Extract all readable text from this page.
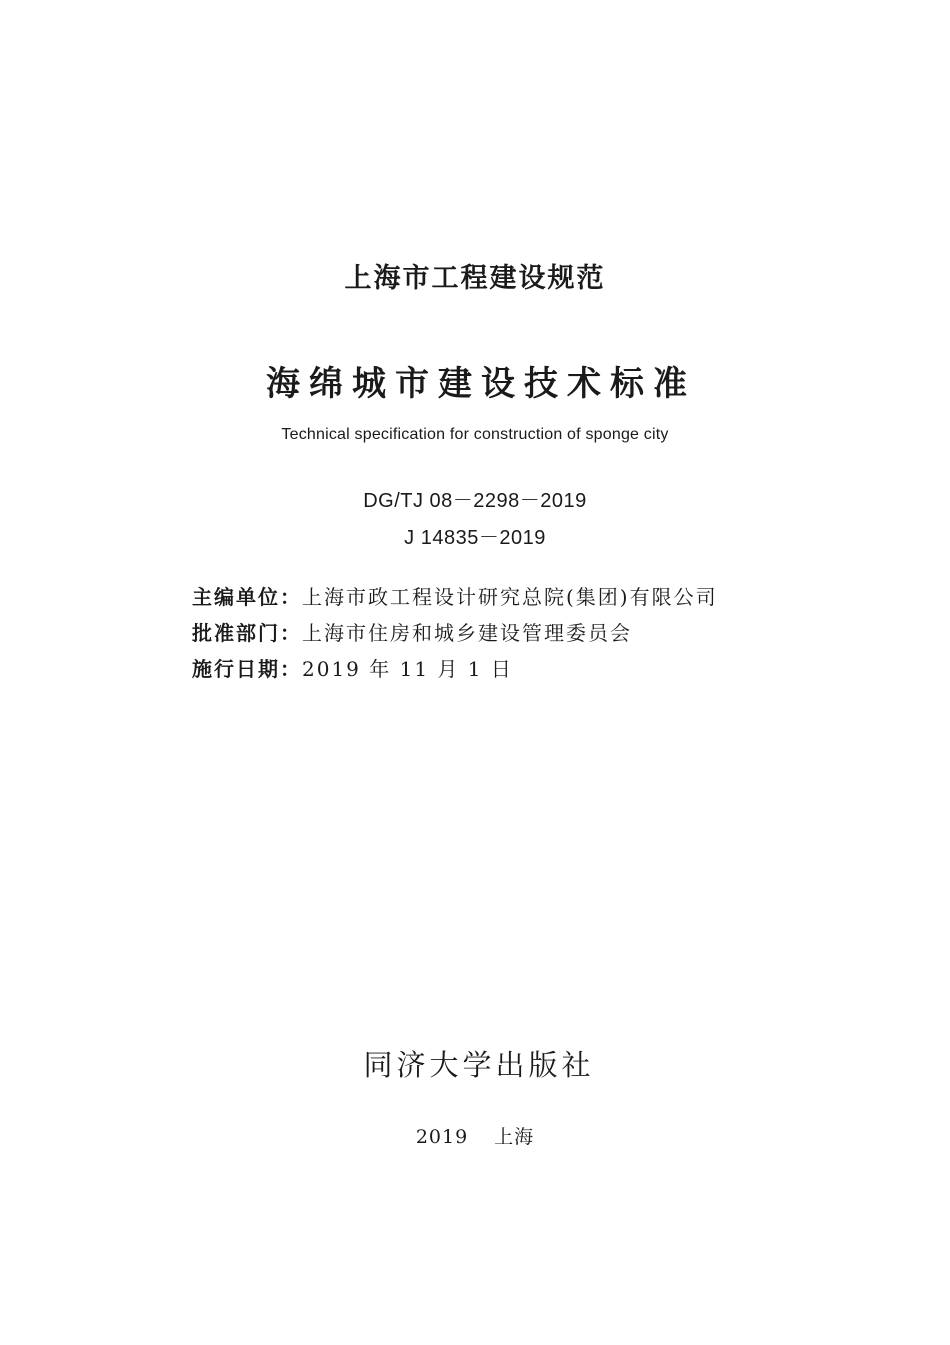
上海市工程建设规范
海绵城市建设技术标准
Technical specification for construction of sponge city
DG/TJ 08－2298－2019
J 14835－2019
主编单位：上海市政工程设计研究总院(集团)有限公司
批准部门：上海市住房和城乡建设管理委员会
施行日期：2019 年 11 月 1 日
同济大学出版社
2019 上海
